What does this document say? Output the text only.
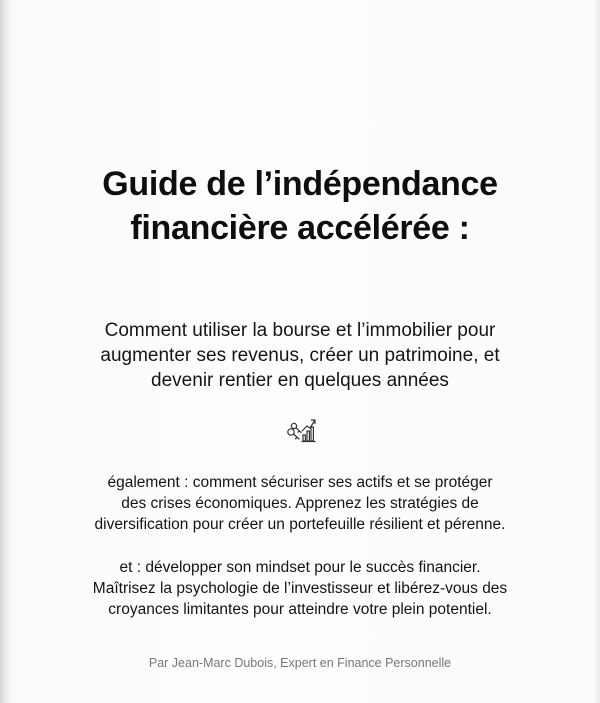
Guide de l’indépendance
financière accélérée :

Comment utiliser la bourse et l’immobilier pour
augmenter ses revenus, créer un patrimoine, et
devenir rentier en quelques années

également : comment sécuriser ses actifs et se protéger
des crises économiques. Apprenez les stratégies de
diversification pour créer un portefeuille résilient et pérenne.

et : développer son mindset pour le succès financier.
Maîtrisez la psychologie de l’investisseur et libérez-vous des
croyances limitantes pour atteindre votre plein potentiel.

Par Jean-Marc Dubois, Expert en Finance Personnelle
